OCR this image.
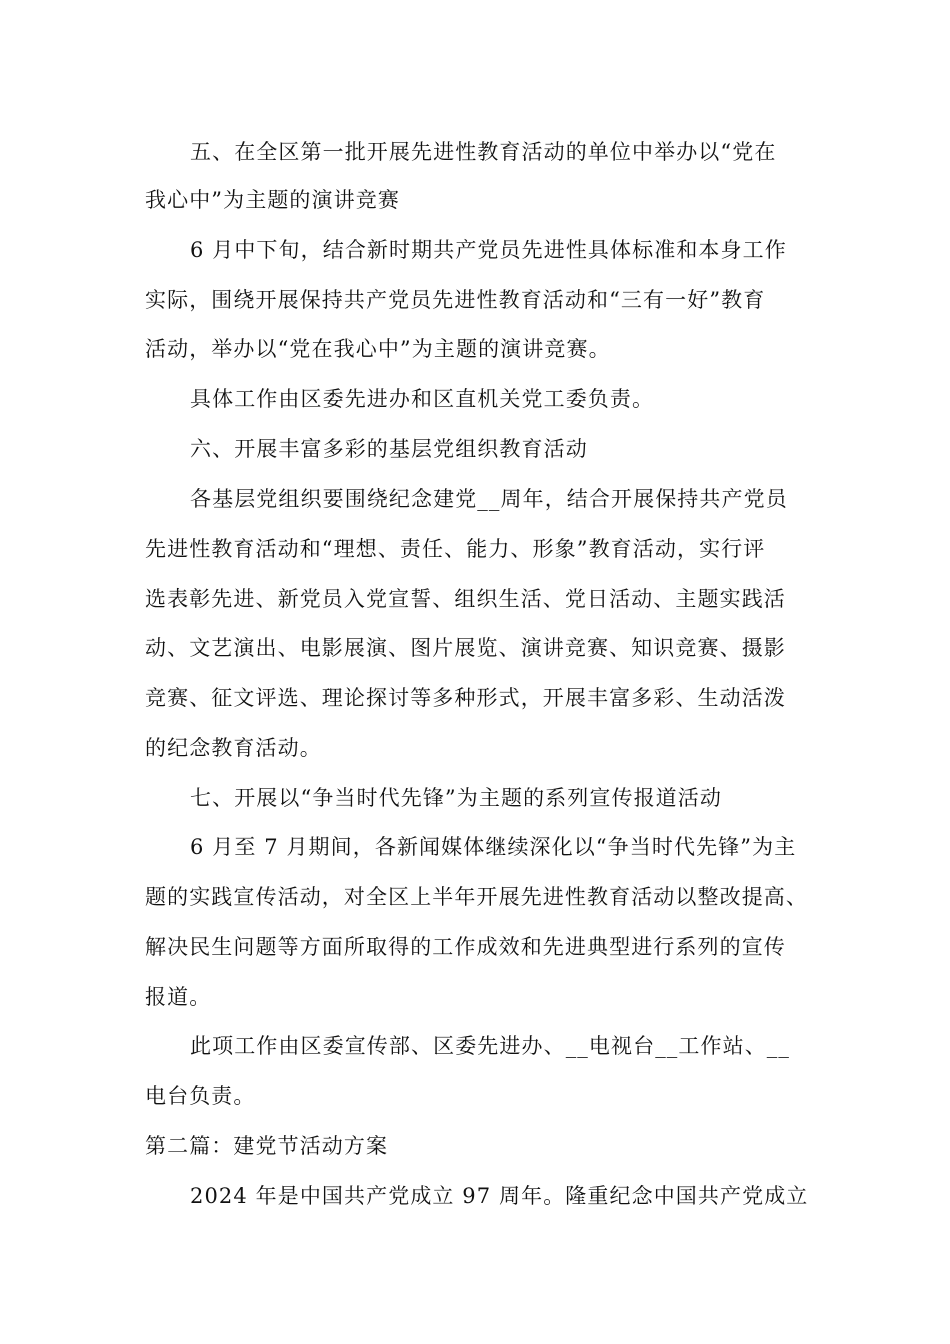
五、在全区第一批开展先进性教育活动的单位中举办以“党在
我心中”为主题的演讲竞赛
6 月中下旬，结合新时期共产党员先进性具体标准和本身工作
实际，围绕开展保持共产党员先进性教育活动和“三有一好”教育
活动，举办以“党在我心中”为主题的演讲竞赛。
具体工作由区委先进办和区直机关党工委负责。
六、开展丰富多彩的基层党组织教育活动
各基层党组织要围绕纪念建党__周年，结合开展保持共产党员
先进性教育活动和“理想、责任、能力、形象”教育活动，实行评
选表彰先进、新党员入党宣誓、组织生活、党日活动、主题实践活
动、文艺演出、电影展演、图片展览、演讲竞赛、知识竞赛、摄影
竞赛、征文评选、理论探讨等多种形式，开展丰富多彩、生动活泼
的纪念教育活动。
七、开展以“争当时代先锋”为主题的系列宣传报道活动
6 月至 7 月期间，各新闻媒体继续深化以“争当时代先锋”为主
题的实践宣传活动，对全区上半年开展先进性教育活动以整改提高、
解决民生问题等方面所取得的工作成效和先进典型进行系列的宣传
报道。
此项工作由区委宣传部、区委先进办、__电视台__工作站、__
电台负责。
第二篇：建党节活动方案
2024 年是中国共产党成立 97 周年。隆重纪念中国共产党成立
